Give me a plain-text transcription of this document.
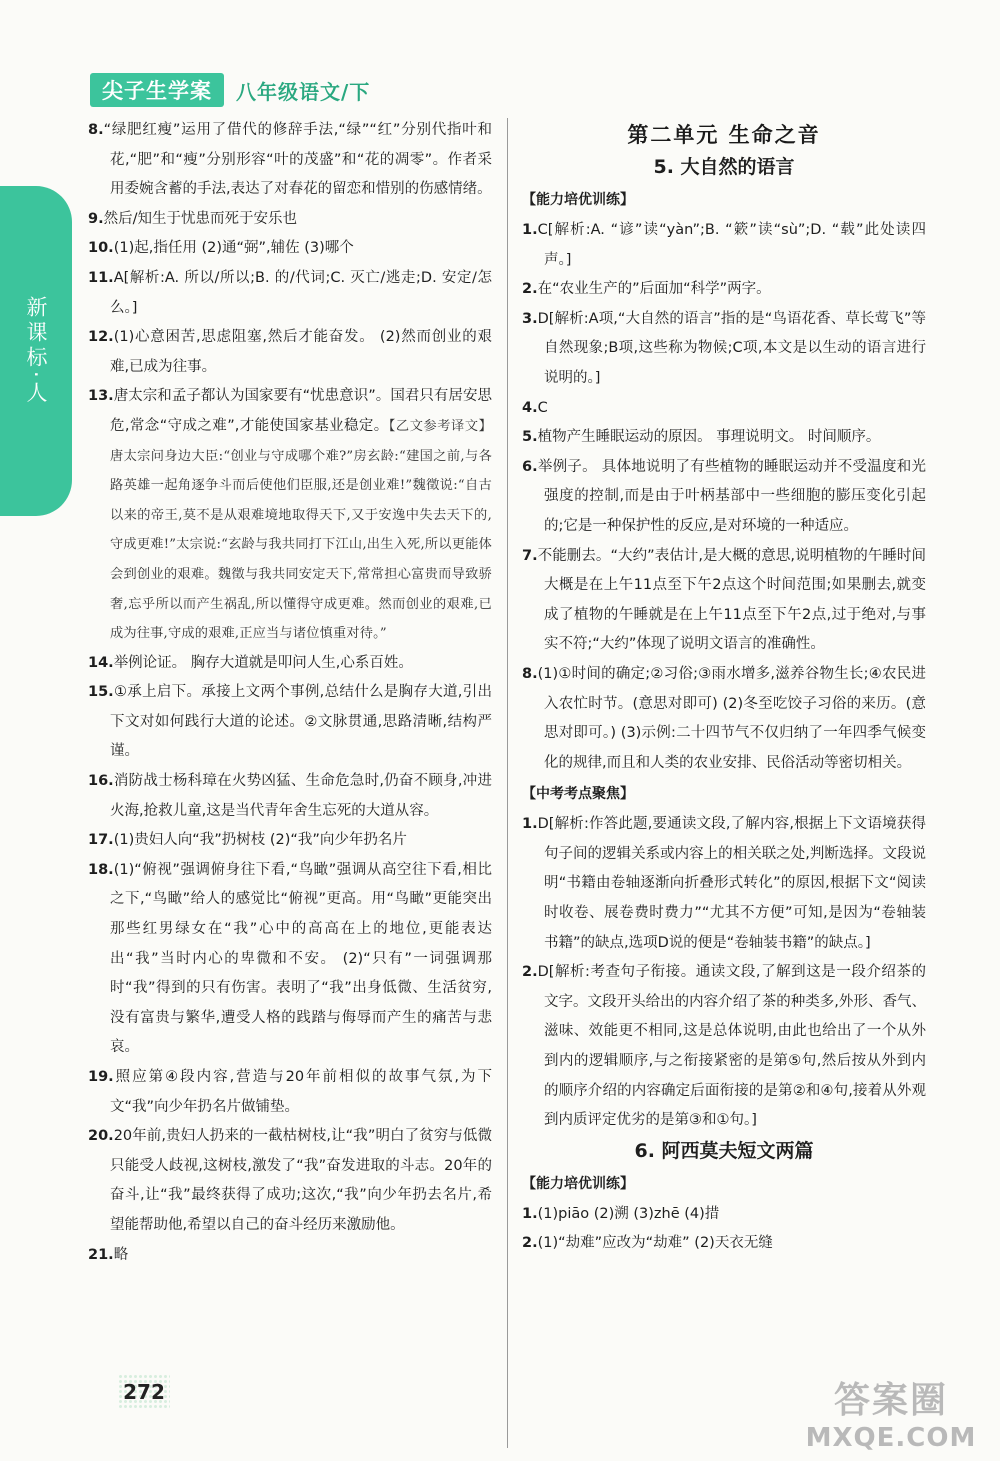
尖子生学案	八年级语文/下
新课标·人

8.“绿肥红瘦”运用了借代的修辞手法,“绿”“红”分别代指叶和花,“肥”和“瘦”分别形容“叶的茂盛”和“花的凋零”。作者采用委婉含蓄的手法,表达了对春花的留恋和惜别的伤感情绪。

9.然后/知生于忧患而死于安乐也

10.(1)起,指任用 (2)通“弼”,辅佐 (3)哪个

11.A[解析:A. 所以/所以;B. 的/代词;C. 灭亡/逃走;D. 安定/怎么。]

12.(1)心意困苦,思虑阻塞,然后才能奋发。 (2)然而创业的艰难,已成为往事。

13.唐太宗和孟子都认为国家要有“忧患意识”。国君只有居安思危,常念“守成之难”,才能使国家基业稳定。【乙文参考译文】唐太宗问身边大臣:“创业与守成哪个难?”房玄龄:“建国之前,与各路英雄一起角逐争斗而后使他们臣服,还是创业难!”魏徵说:“自古以来的帝王,莫不是从艰难境地取得天下,又于安逸中失去天下的,守成更难!”太宗说:“玄龄与我共同打下江山,出生入死,所以更能体会到创业的艰难。魏徵与我共同安定天下,常常担心富贵而导致骄奢,忘乎所以而产生祸乱,所以懂得守成更难。然而创业的艰难,已成为往事,守成的艰难,正应当与诸位慎重对待。”

14.举例论证。 胸存大道就是叩问人生,心系百姓。

15.①承上启下。承接上文两个事例,总结什么是胸存大道,引出下文对如何践行大道的论述。②文脉贯通,思路清晰,结构严谨。

16.消防战士杨科璋在火势凶猛、生命危急时,仍奋不顾身,冲进火海,抢救儿童,这是当代青年舍生忘死的大道从容。

17.(1)贵妇人向“我”扔树枝 (2)“我”向少年扔名片

18.(1)“俯视”强调俯身往下看,“鸟瞰”强调从高空往下看,相比之下,“鸟瞰”给人的感觉比“俯视”更高。用“鸟瞰”更能突出那些红男绿女在“我”心中的高高在上的地位,更能表达出“我”当时内心的卑微和不安。 (2)“只有”一词强调那时“我”得到的只有伤害。表明了“我”出身低微、生活贫穷,没有富贵与繁华,遭受人格的践踏与侮辱而产生的痛苦与悲哀。

19.照应第④段内容,营造与20年前相似的故事气氛,为下文“我”向少年扔名片做铺垫。

20.20年前,贵妇人扔来的一截枯树枝,让“我”明白了贫穷与低微只能受人歧视,这树枝,激发了“我”奋发进取的斗志。20年的奋斗,让“我”最终获得了成功;这次,“我”向少年扔去名片,希望能帮助他,希望以自己的奋斗经历来激励他。

21.略

第二单元 生命之音
5. 大自然的语言
【能力培优训练】

1.C[解析:A. “谚”读“yàn”;B. “簌”读“sù”;D. “载”此处读四声。]

2.在“农业生产的”后面加“科学”两字。

3.D[解析:A项,“大自然的语言”指的是“鸟语花香、草长莺飞”等自然现象;B项,这些称为物候;C项,本文是以生动的语言进行说明的。]

4.C

5.植物产生睡眠运动的原因。 事理说明文。 时间顺序。

6.举例子。 具体地说明了有些植物的睡眠运动并不受温度和光强度的控制,而是由于叶柄基部中一些细胞的膨压变化引起的;它是一种保护性的反应,是对环境的一种适应。

7.不能删去。“大约”表估计,是大概的意思,说明植物的午睡时间大概是在上午11点至下午2点这个时间范围;如果删去,就变成了植物的午睡就是在上午11点至下午2点,过于绝对,与事实不符;“大约”体现了说明文语言的准确性。

8.(1)①时间的确定;②习俗;③雨水增多,滋养谷物生长;④农民进入农忙时节。(意思对即可) (2)冬至吃饺子习俗的来历。(意思对即可。) (3)示例:二十四节气不仅归纳了一年四季气候变化的规律,而且和人类的农业安排、民俗活动等密切相关。

【中考考点聚焦】

1.D[解析:作答此题,要通读文段,了解内容,根据上下文语境获得句子间的逻辑关系或内容上的相关联之处,判断选择。文段说明“书籍由卷轴逐渐向折叠形式转化”的原因,根据下文“阅读时收卷、展卷费时费力”“尤其不方便”可知,是因为“卷轴装书籍”的缺点,选项D说的便是“卷轴装书籍”的缺点。]

2.D[解析:考查句子衔接。通读文段,了解到这是一段介绍茶的文字。文段开头给出的内容介绍了茶的种类多,外形、香气、滋味、效能更不相同,这是总体说明,由此也给出了一个从外到内的逻辑顺序,与之衔接紧密的是第⑤句,然后按从外到内的顺序介绍的内容确定后面衔接的是第②和④句,接着从外观到内质评定优劣的是第③和①句。]

6. 阿西莫夫短文两篇
【能力培优训练】

1.(1)piāo (2)溯 (3)zhē (4)措

2.(1)“劫难”应改为“劫难” (2)天衣无缝

272	答案圈
MXQE.COM
